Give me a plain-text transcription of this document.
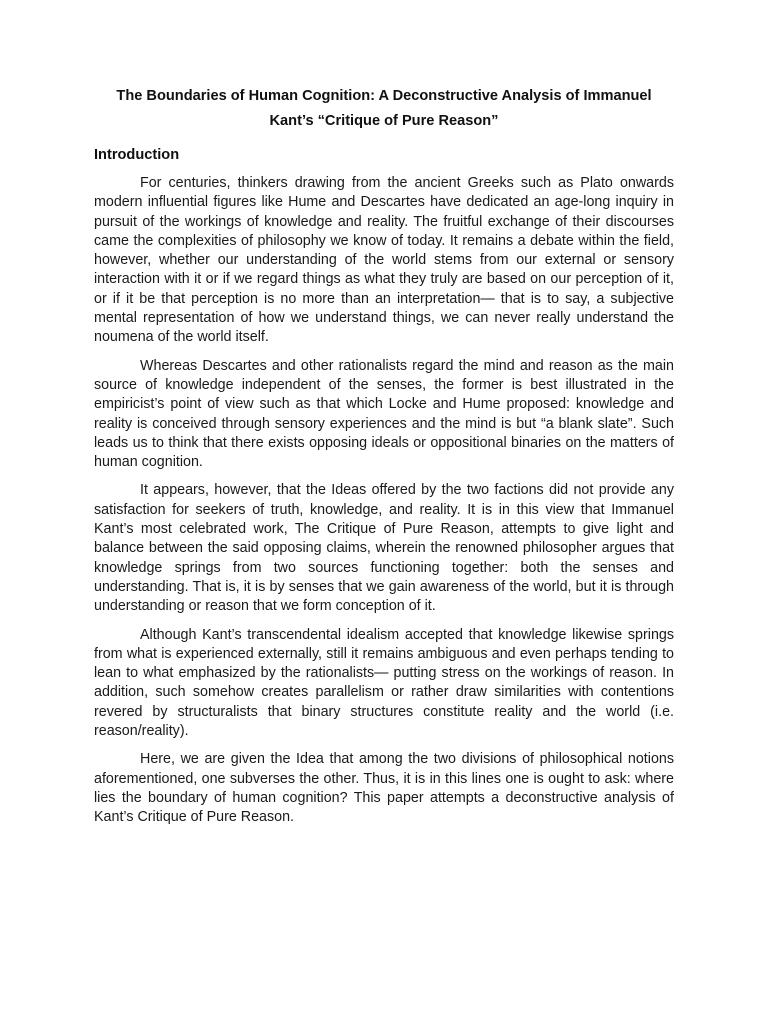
The Boundaries of Human Cognition: A Deconstructive Analysis of Immanuel Kant’s “Critique of Pure Reason”
Introduction

For centuries, thinkers drawing from the ancient Greeks such as Plato onwards modern influential figures like Hume and Descartes have dedicated an age-long inquiry in pursuit of the workings of knowledge and reality. The fruitful exchange of their discourses came the complexities of philosophy we know of today. It remains a debate within the field, however, whether our understanding of the world stems from our external or sensory interaction with it or if we regard things as what they truly are based on our perception of it, or if it be that perception is no more than an interpretation— that is to say, a subjective mental representation of how we understand things, we can never really understand the noumena of the world itself.

Whereas Descartes and other rationalists regard the mind and reason as the main source of knowledge independent of the senses, the former is best illustrated in the empiricist’s point of view such as that which Locke and Hume proposed: knowledge and reality is conceived through sensory experiences and the mind is but “a blank slate”. Such leads us to think that there exists opposing ideals or oppositional binaries on the matters of human cognition.

It appears, however, that the Ideas offered by the two factions did not provide any satisfaction for seekers of truth, knowledge, and reality. It is in this view that Immanuel Kant’s most celebrated work, The Critique of Pure Reason, attempts to give light and balance between the said opposing claims, wherein the renowned philosopher argues that knowledge springs from two sources functioning together: both the senses and understanding. That is, it is by senses that we gain awareness of the world, but it is through understanding or reason that we form conception of it.

Although Kant’s transcendental idealism accepted that knowledge likewise springs from what is experienced externally, still it remains ambiguous and even perhaps tending to lean to what emphasized by the rationalists— putting stress on the workings of reason. In addition, such somehow creates parallelism or rather draw similarities with contentions revered by structuralists that binary structures constitute reality and the world (i.e. reason/reality).

Here, we are given the Idea that among the two divisions of philosophical notions aforementioned, one subverses the other. Thus, it is in this lines one is ought to ask: where lies the boundary of human cognition? This paper attempts a deconstructive analysis of Kant’s Critique of Pure Reason.
